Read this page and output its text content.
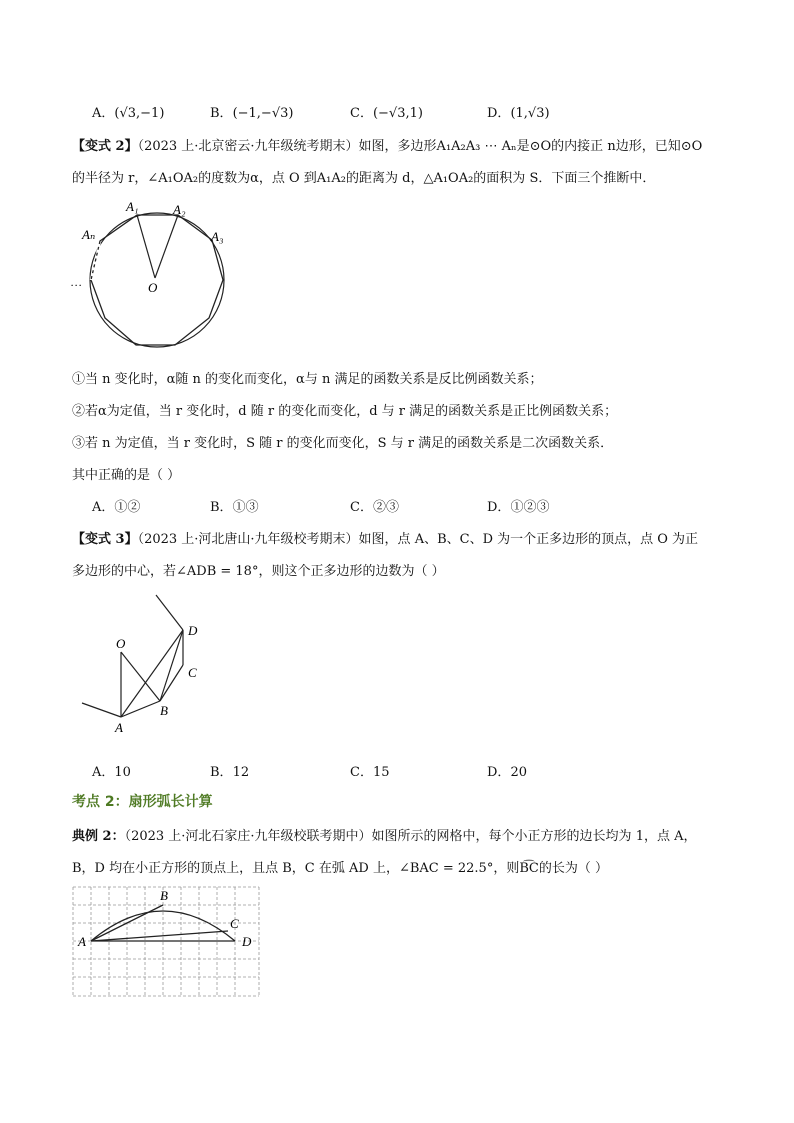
A．(√3,−1)	B．(−1,−√3)	C．(−√3,1)	D．(1,√3)
【变式 2】（2023 上·北京密云·九年级统考期末）如图，多边形A₁A₂A₃ ⋯ Aₙ是⊙O的内接正 n边形，已知⊙O
的半径为 r，∠A₁OA₂的度数为α，点 O 到A₁A₂的距离为 d，△A₁OA₂的面积为 S．下面三个推断中．
A₁	A₂
A₃
Aₙ
O
…
①当 n 变化时，α随 n 的变化而变化，α与 n 满足的函数关系是反比例函数关系；
②若α为定值，当 r 变化时，d 随 r 的变化而变化，d 与 r 满足的函数关系是正比例函数关系；
③若 n 为定值，当 r 变化时，S 随 r 的变化而变化，S 与 r 满足的函数关系是二次函数关系．
其中正确的是（ ）
A．①②	B．①③	C．②③	D．①②③
【变式 3】（2023 上·河北唐山·九年级校考期末）如图，点 A、B、C、D 为一个正多边形的顶点，点 O 为正
多边形的中心，若∠ADB = 18°，则这个正多边形的边数为（ ）
O
A
B
C
D
A．10	B．12	C．15	D．20
考点 2：扇形弧长计算
典例 2：（2023 上·河北石家庄·九年级校联考期中）如图所示的网格中，每个小正方形的边长均为 1，点 A，
B，D 均在小正方形的顶点上，且点 B，C 在弧 AD 上，∠BAC = 22.5°，则B͡C的长为（ ）
A
B
C
D
